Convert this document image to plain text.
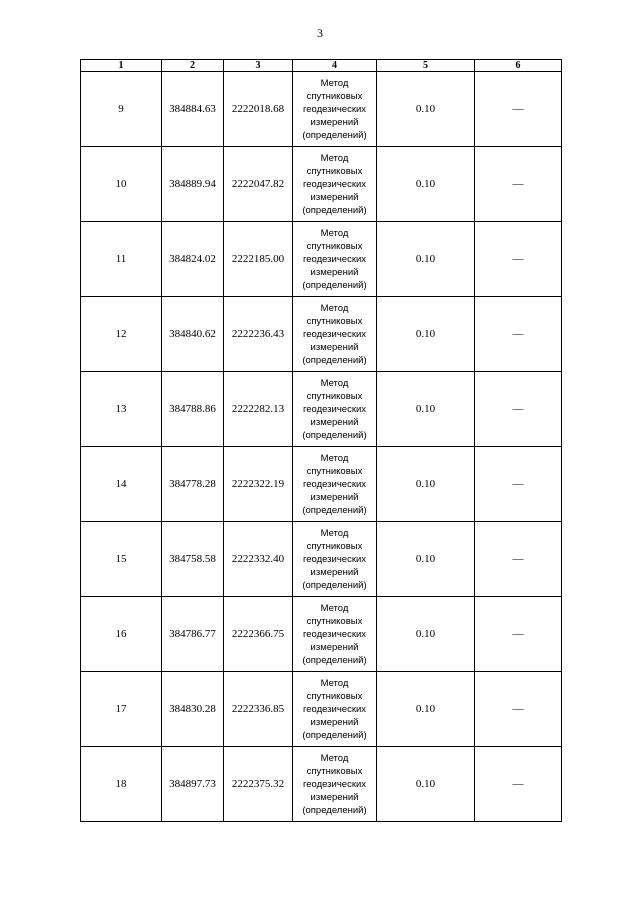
3
1	2	3	4	5	6
9	384884.63	2222018.68	Метод спутниковых геодезических измерений (определений)	0.10	—
10	384889.94	2222047.82	Метод спутниковых геодезических измерений (определений)	0.10	—
11	384824.02	2222185.00	Метод спутниковых геодезических измерений (определений)	0.10	—
12	384840.62	2222236.43	Метод спутниковых геодезических измерений (определений)	0.10	—
13	384788.86	2222282.13	Метод спутниковых геодезических измерений (определений)	0.10	—
14	384778.28	2222322.19	Метод спутниковых геодезических измерений (определений)	0.10	—
15	384758.58	2222332.40	Метод спутниковых геодезических измерений (определений)	0.10	—
16	384786.77	2222366.75	Метод спутниковых геодезических измерений (определений)	0.10	—
17	384830.28	2222336.85	Метод спутниковых геодезических измерений (определений)	0.10	—
18	384897.73	2222375.32	Метод спутниковых геодезических измерений (определений)	0.10	—
